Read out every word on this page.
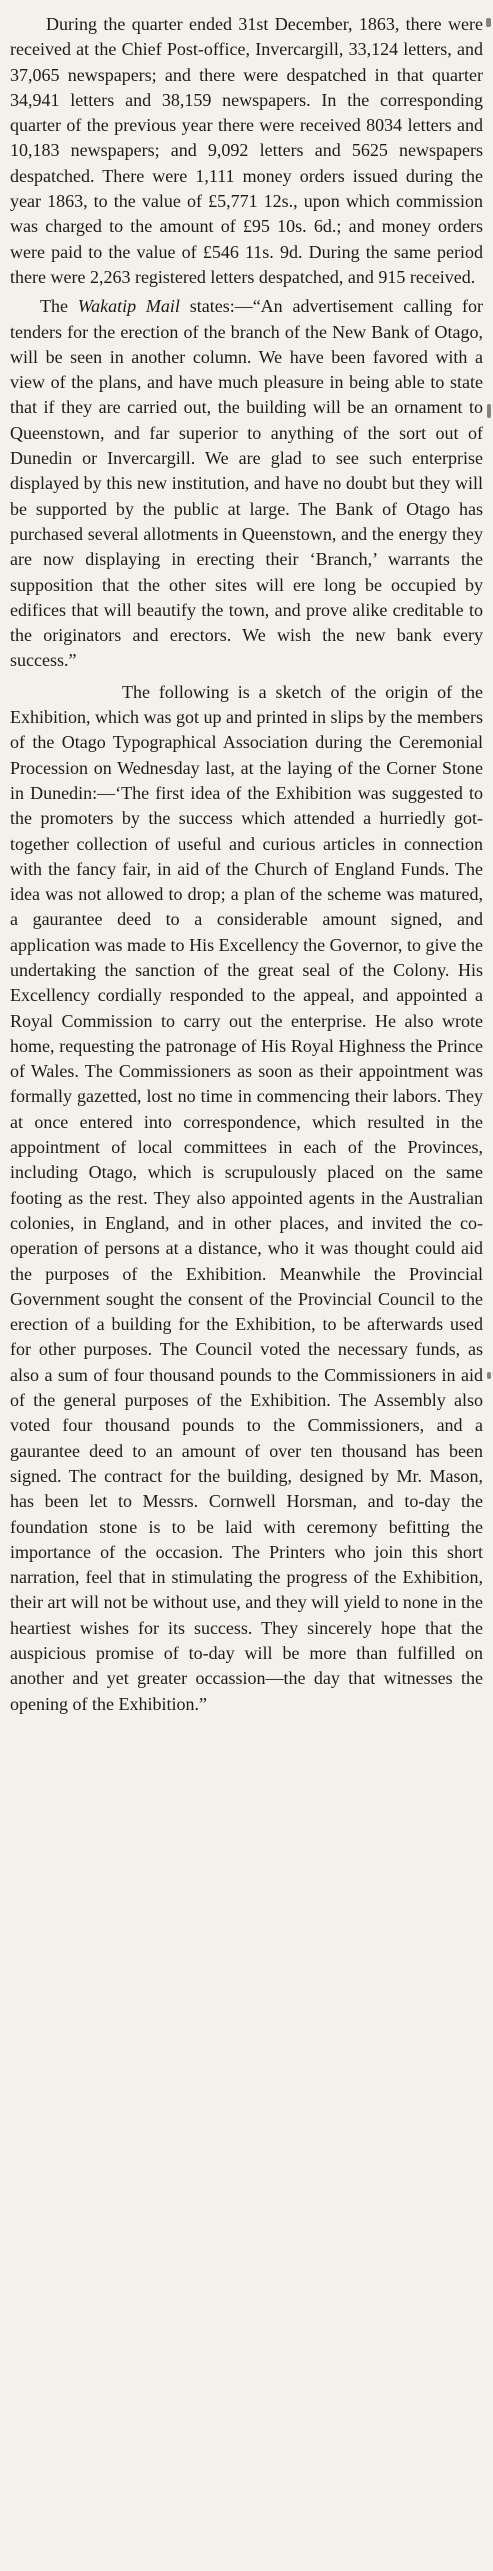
During the quarter ended 31st December, 1863, there were received at the Chief Post-office, Invercargill, 33,124 letters, and 37,065 newspapers; and there were despatched in that quarter 34,941 letters and 38,159 newspapers. In the corresponding quarter of the previous year there were received 8034 letters and 10,183 newspapers; and 9,092 letters and 5625 newspapers despatched. There were 1,111 money orders issued during the year 1863, to the value of £5,771 12s., upon which commission was charged to the amount of £95 10s. 6d.; and money orders were paid to the value of £546 11s. 9d. During the same period there were 2,263 registered letters despatched, and 915 received.

The Wakatip Mail states:—“An advertisement calling for tenders for the erection of the branch of the New Bank of Otago, will be seen in another column. We have been favored with a view of the plans, and have much pleasure in being able to state that if they are carried out, the building will be an ornament to Queenstown, and far superior to anything of the sort out of Dunedin or Invercargill. We are glad to see such enterprise displayed by this new institution, and have no doubt but they will be supported by the public at large. The Bank of Otago has purchased several allotments in Queenstown, and the energy they are now displaying in erecting their ‘Branch,’ warrants the supposition that the other sites will ere long be occupied by edifices that will beautify the town, and prove alike creditable to the originators and erectors. We wish the new bank every success.”

The following is a sketch of the origin of the Exhibition, which was got up and printed in slips by the members of the Otago Typographical Association during the Ceremonial Procession on Wednesday last, at the laying of the Corner Stone in Dunedin:—‘The first idea of the Exhibition was suggested to the promoters by the success which attended a hurriedly got-together collection of useful and curious articles in connection with the fancy fair, in aid of the Church of England Funds. The idea was not allowed to drop; a plan of the scheme was matured, a gaurantee deed to a considerable amount signed, and application was made to His Excellency the Governor, to give the undertaking the sanction of the great seal of the Colony. His Excellency cordially responded to the appeal, and appointed a Royal Commission to carry out the enterprise. He also wrote home, requesting the patronage of His Royal Highness the Prince of Wales. The Commissioners as soon as their appointment was formally gazetted, lost no time in commencing their labors. They at once entered into correspondence, which resulted in the appointment of local committees in each of the Provinces, including Otago, which is scrupulously placed on the same footing as the rest. They also appointed agents in the Australian colonies, in England, and in other places, and invited the co-operation of persons at a distance, who it was thought could aid the purposes of the Exhibition. Meanwhile the Provincial Government sought the consent of the Provincial Council to the erection of a building for the Exhibition, to be afterwards used for other purposes. The Council voted the necessary funds, as also a sum of four thousand pounds to the Commissioners in aid of the general purposes of the Exhibition. The Assembly also voted four thousand pounds to the Commissioners, and a gaurantee deed to an amount of over ten thousand has been signed. The contract for the building, designed by Mr. Mason, has been let to Messrs. Cornwell Horsman, and to-day the foundation stone is to be laid with ceremony befitting the importance of the occasion. The Printers who join this short narration, feel that in stimulating the progress of the Exhibition, their art will not be without use, and they will yield to none in the heartiest wishes for its success. They sincerely hope that the auspicious promise of to-day will be more than fulfilled on another and yet greater occassion—the day that witnesses the opening of the Exhibition.”
